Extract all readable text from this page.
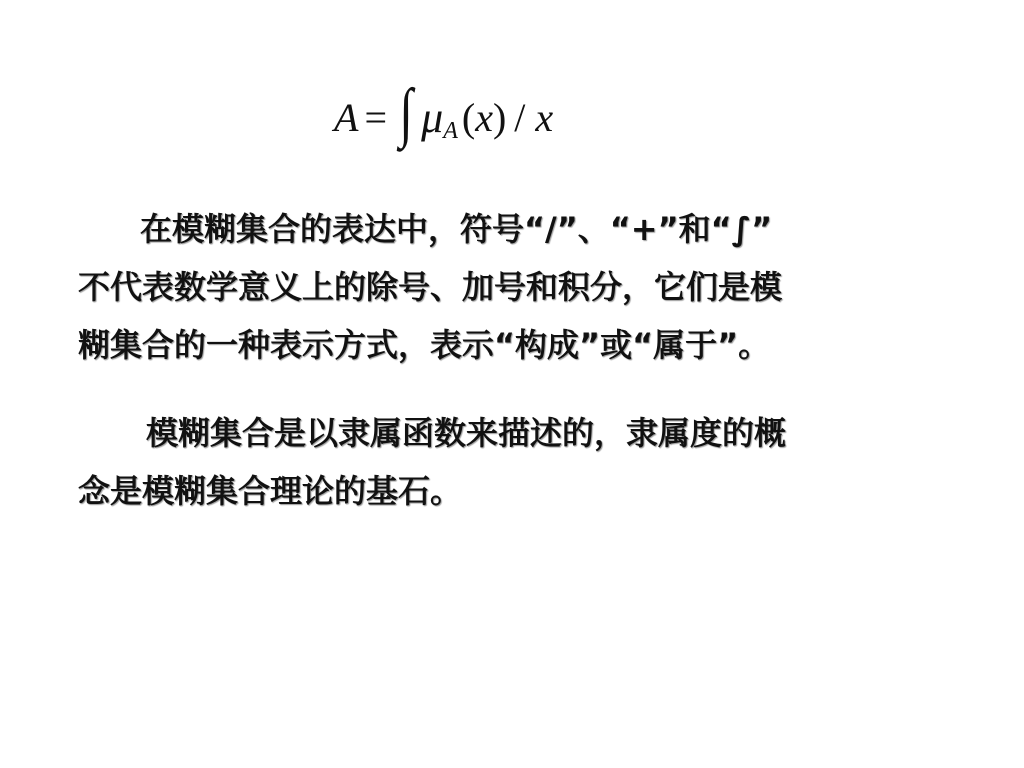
A = ∫ μ A ( x ) / x
在模糊集合的表达中，符号“/”、“+”和“∫”
不代表数学意义上的除号、加号和积分，它们是模
糊集合的一种表示方式，表示“构成”或“属于”。
模糊集合是以隶属函数来描述的，隶属度的概
念是模糊集合理论的基石。
